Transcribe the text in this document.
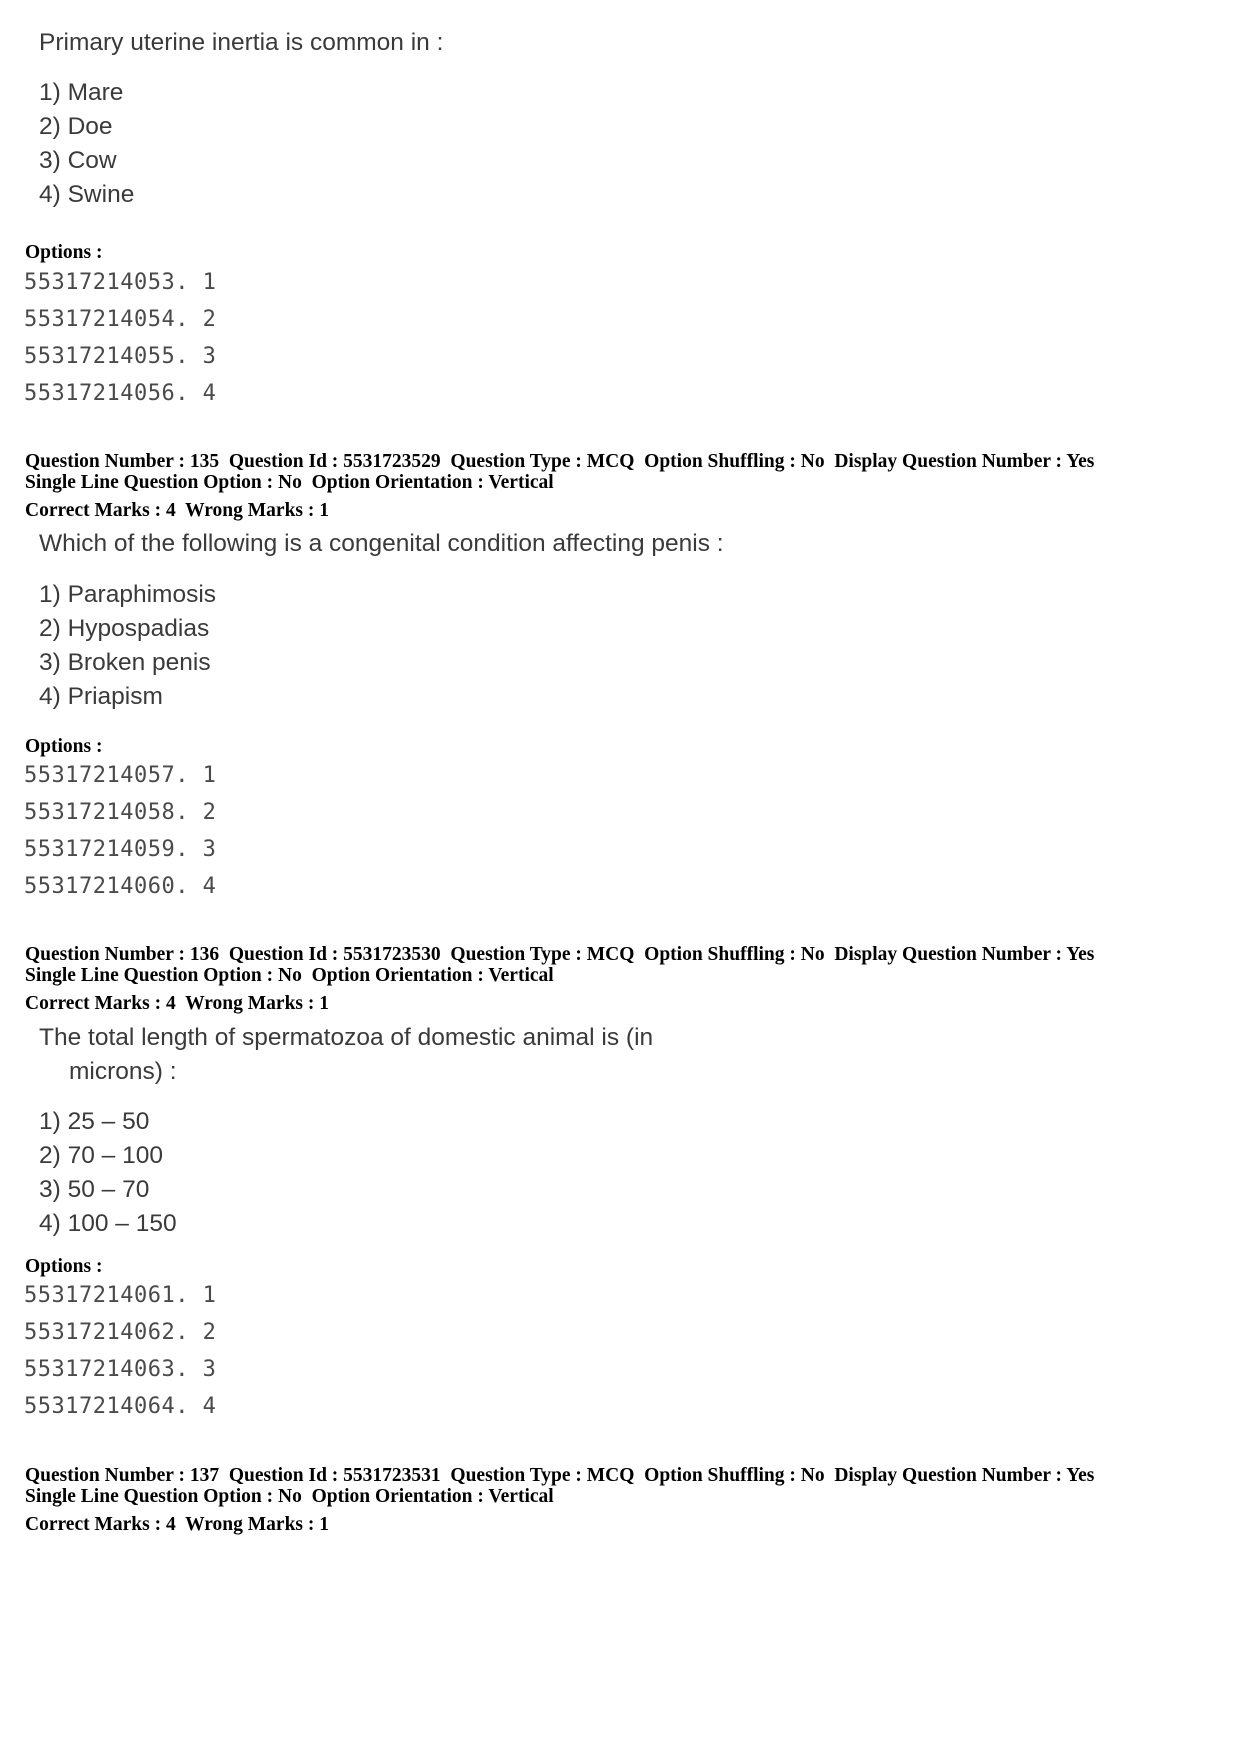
Primary uterine inertia is common in :

1) Mare
2) Doe
3) Cow
4) Swine
Options :
55317214053. 1
55317214054. 2
55317214055. 3
55317214056. 4
Question Number : 135  Question Id : 5531723529  Question Type : MCQ  Option Shuffling : No  Display Question Number : Yes
Single Line Question Option : No  Option Orientation : Vertical
Correct Marks : 4  Wrong Marks : 1

Which of the following is a congenital condition affecting penis :

1) Paraphimosis
2) Hypospadias
3) Broken penis
4) Priapism
Options :
55317214057. 1
55317214058. 2
55317214059. 3
55317214060. 4
Question Number : 136  Question Id : 5531723530  Question Type : MCQ  Option Shuffling : No  Display Question Number : Yes
Single Line Question Option : No  Option Orientation : Vertical
Correct Marks : 4  Wrong Marks : 1

The total length of spermatozoa of domestic animal is (in

microns) :

1) 25 – 50
2) 70 – 100
3) 50 – 70
4) 100 – 150
Options :
55317214061. 1
55317214062. 2
55317214063. 3
55317214064. 4
Question Number : 137  Question Id : 5531723531  Question Type : MCQ  Option Shuffling : No  Display Question Number : Yes
Single Line Question Option : No  Option Orientation : Vertical
Correct Marks : 4  Wrong Marks : 1
